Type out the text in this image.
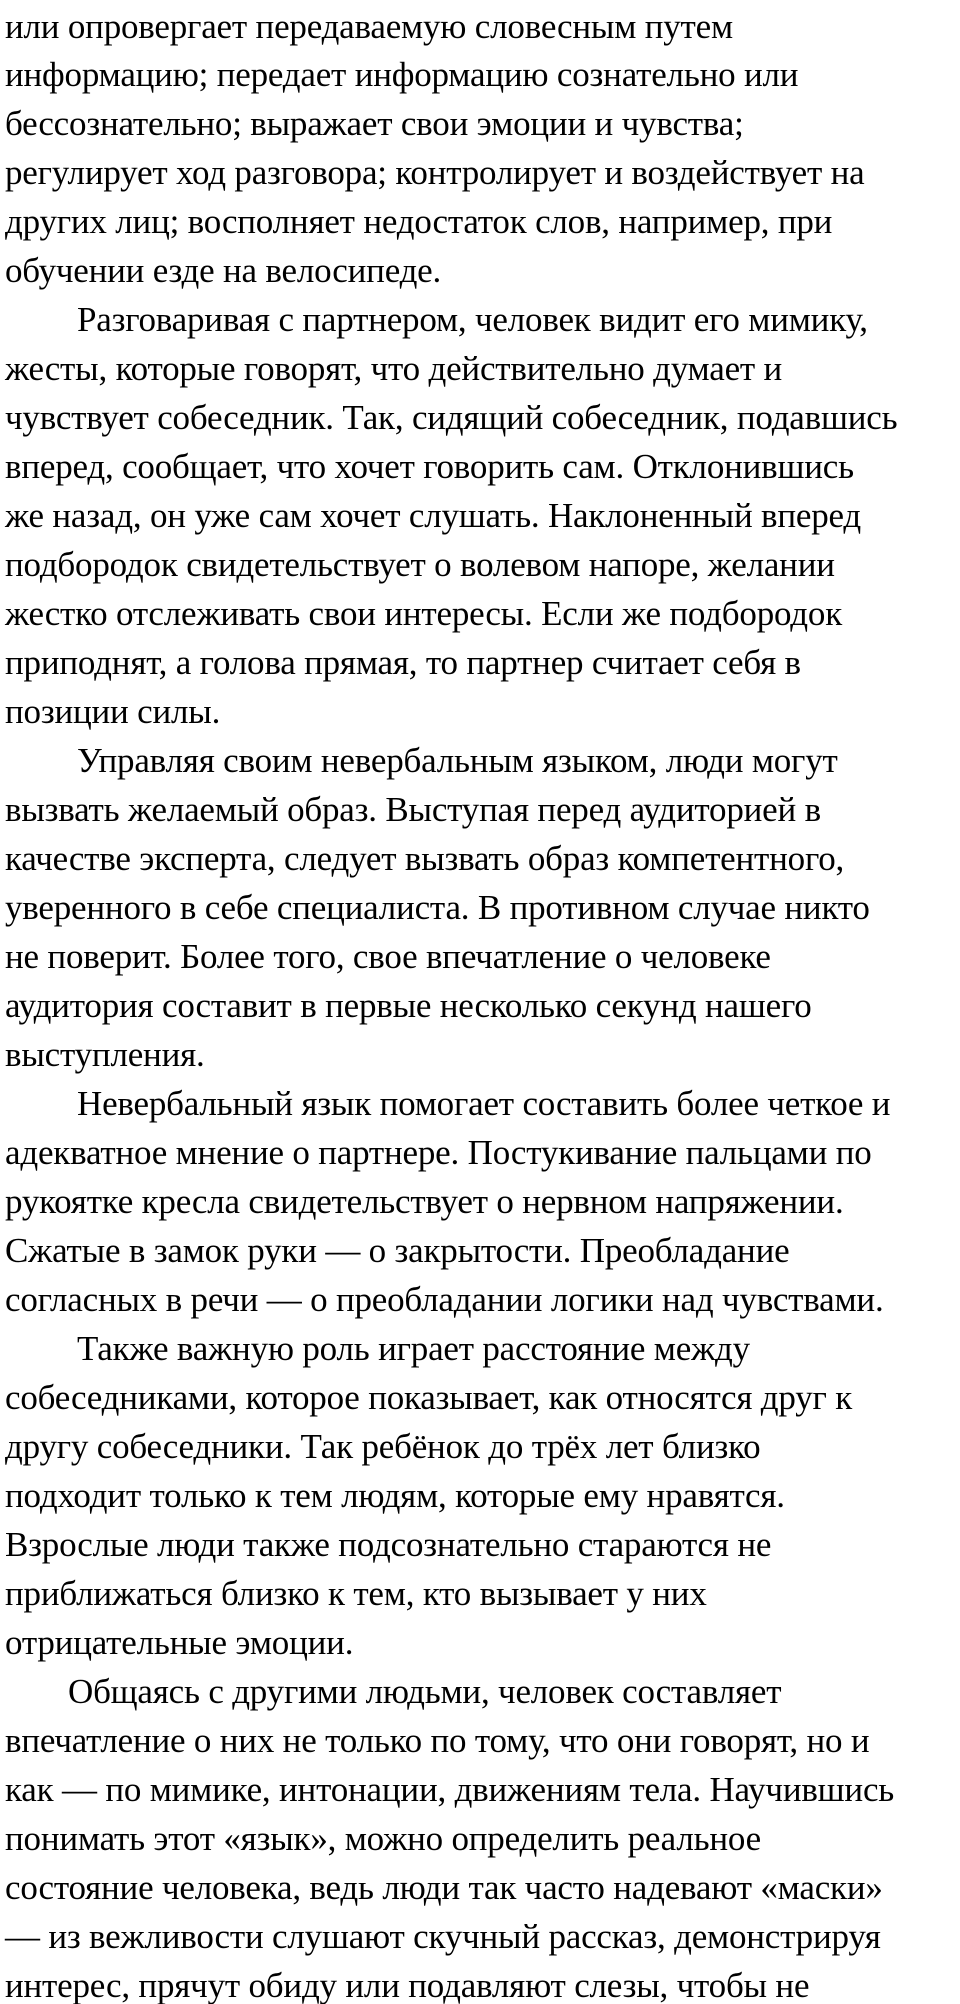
или опровергает передаваемую словесным путем
информацию; передает информацию сознательно или
бессознательно; выражает свои эмоции и чувства;
регулирует ход разговора; контролирует и воздействует на
других лиц; восполняет недостаток слов, например, при
обучении езде на велосипеде.
Разговаривая с партнером, человек видит его мимику,
жесты, которые говорят, что действительно думает и
чувствует собеседник. Так, сидящий собеседник, подавшись
вперед, сообщает, что хочет говорить сам. Отклонившись
же назад, он уже сам хочет слушать. Наклоненный вперед
подбородок свидетельствует о волевом напоре, желании
жестко отслеживать свои интересы. Если же подбородок
приподнят, а голова прямая, то партнер считает себя в
позиции силы.
Управляя своим невербальным языком, люди могут
вызвать желаемый образ. Выступая перед аудиторией в
качестве эксперта, следует вызвать образ компетентного,
уверенного в себе специалиста. В противном случае никто
не поверит. Более того, свое впечатление о человеке
аудитория составит в первые несколько секунд нашего
выступления.
Невербальный язык помогает составить более четкое и
адекватное мнение о партнере. Постукивание пальцами по
рукоятке кресла свидетельствует о нервном напряжении.
Сжатые в замок руки — о закрытости. Преобладание
согласных в речи — о преобладании логики над чувствами.
Также важную роль играет расстояние между
собеседниками, которое показывает, как относятся друг к
другу собеседники. Так ребёнок до трёх лет близко
подходит только к тем людям, которые ему нравятся.
Взрослые люди также подсознательно стараются не
приближаться близко к тем, кто вызывает у них
отрицательные эмоции.
Общаясь с другими людьми, человек составляет
впечатление о них не только по тому, что они говорят, но и
как — по мимике, интонации, движениям тела. Научившись
понимать этот «язык», можно определить реальное
состояние человека, ведь люди так часто надевают «маски»
— из вежливости слушают скучный рассказ, демонстрируя
интерес, прячут обиду или подавляют слезы, чтобы не
